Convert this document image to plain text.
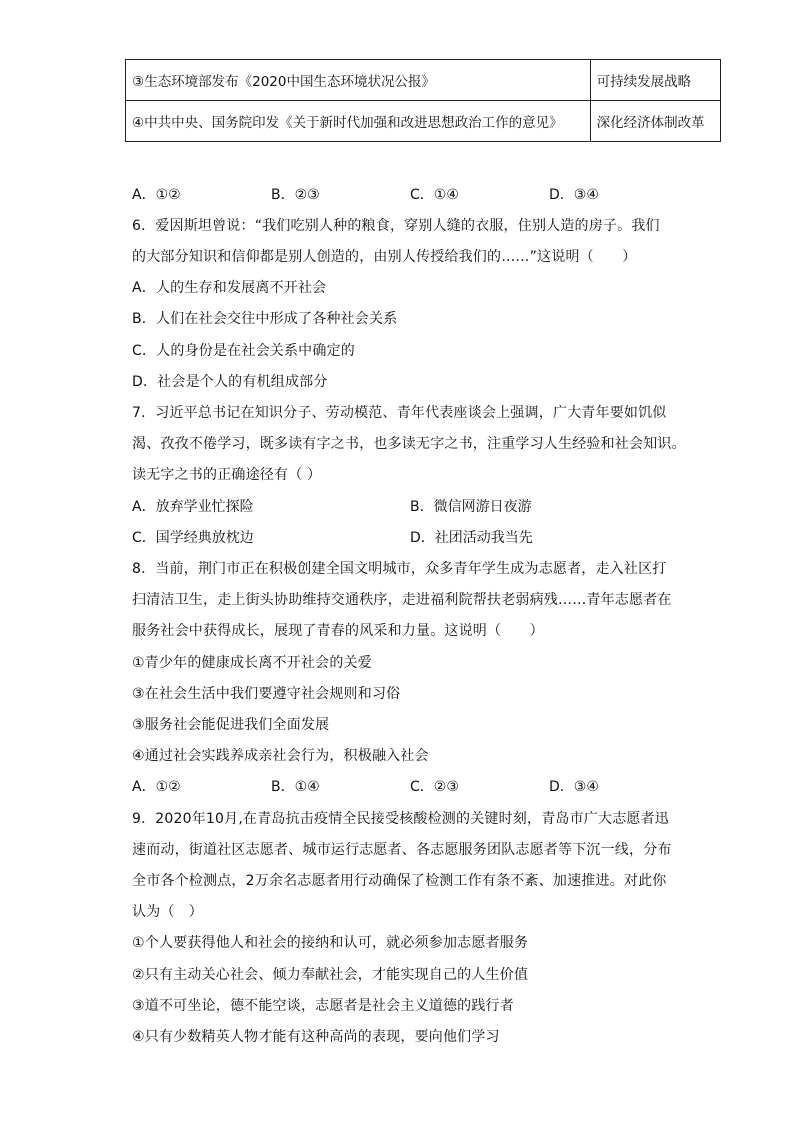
③生态环境部发布《2020中国生态环境状况公报》	可持续发展战略
④中共中央、国务院印发《关于新时代加强和改进思想政治工作的意见》	深化经济体制改革
A．①②	B．②③	C．①④	D．③④
6．爱因斯坦曾说：“我们吃别人种的粮食，穿别人缝的衣服，住别人造的房子。我们
的大部分知识和信仰都是别人创造的，由别人传授给我们的……”这说明（　　）
A．人的生存和发展离不开社会
B．人们在社会交往中形成了各种社会关系
C．人的身份是在社会关系中确定的
D．社会是个人的有机组成部分
7．习近平总书记在知识分子、劳动模范、青年代表座谈会上强调，广大青年要如饥似
渴、孜孜不倦学习，既多读有字之书，也多读无字之书，注重学习人生经验和社会知识。
读无字之书的正确途径有（ ）
A．放弃学业忙探险	B．微信网游日夜游
C．国学经典放枕边	D．社团活动我当先
8．当前，荆门市正在积极创建全国文明城市，众多青年学生成为志愿者，走入社区打
扫清洁卫生，走上街头协助维持交通秩序，走进福利院帮扶老弱病残……青年志愿者在
服务社会中获得成长，展现了青春的风采和力量。这说明（　　）
①青少年的健康成长离不开社会的关爱
③在社会生活中我们要遵守社会规则和习俗
③服务社会能促进我们全面发展
④通过社会实践养成亲社会行为，积极融入社会
A．①②	B．①④	C．②③	D．③④
9．2020年10月,在青岛抗击疫情全民接受核酸检测的关键时刻，青岛市广大志愿者迅
速而动，街道社区志愿者、城市运行志愿者、各志愿服务团队志愿者等下沉一线，分布
全市各个检测点，2万余名志愿者用行动确保了检测工作有条不紊、加速推进。对此你
认为（　）
①个人要获得他人和社会的接纳和认可，就必须参加志愿者服务
②只有主动关心社会、倾力奉献社会，才能实现自己的人生价值
③道不可坐论，德不能空谈，志愿者是社会主义道德的践行者
④只有少数精英人物才能有这种高尚的表现，要向他们学习
